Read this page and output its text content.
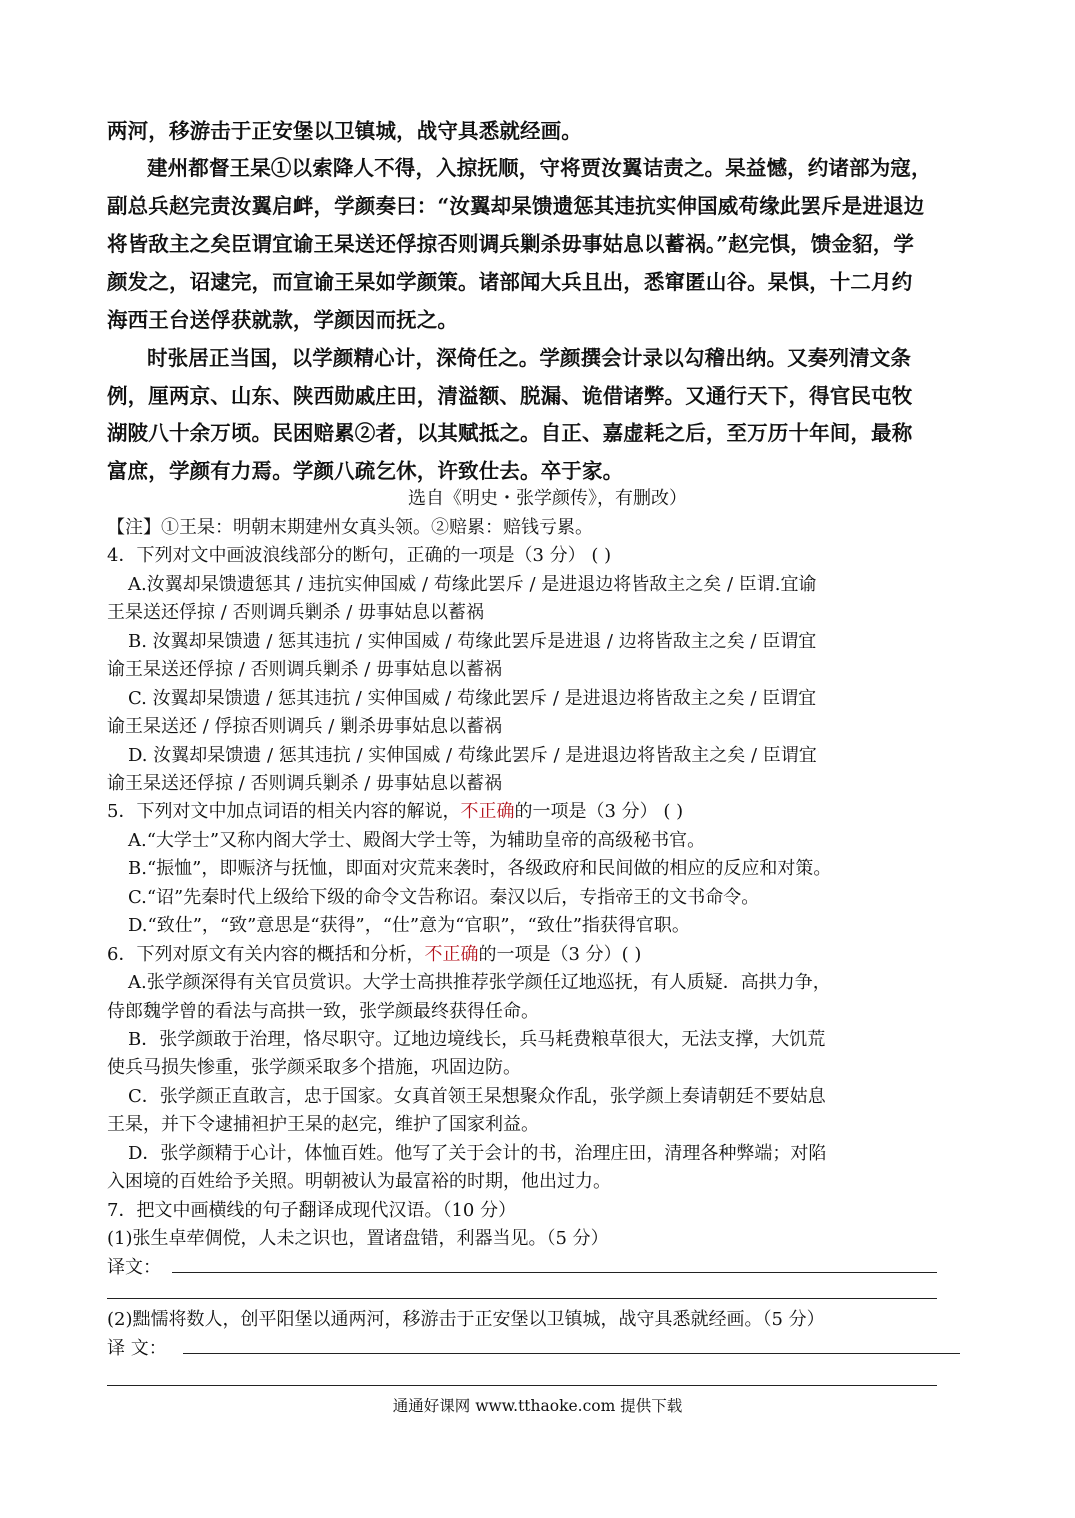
两河，移游击于正安堡以卫镇城，战守具悉就经画。
建州都督王杲①以索降人不得，入掠抚顺，守将贾汝翼诘责之。杲益憾，约诸部为寇，
副总兵赵完责汝翼启衅，学颜奏曰：“汝翼却杲馈遗惩其违抗实伸国威苟缘此罢斥是进退边
将皆敌主之矣臣谓宜谕王杲送还俘掠否则调兵剿杀毋事姑息以蓄祸。”赵完惧，馈金貂，学
颜发之，诏逮完，而宣谕王杲如学颜策。诸部闻大兵且出，悉窜匿山谷。杲惧，十二月约
海西王台送俘获就款，学颜因而抚之。
时张居正当国，以学颜精心计，深倚任之。学颜撰会计录以勾稽出纳。又奏列清文条
例，厘两京、山东、陕西勋戚庄田，清溢额、脱漏、诡借诸弊。又通行天下，得官民屯牧
湖陂八十余万顷。民困赔累②者，以其赋抵之。自正、嘉虚耗之后，至万历十年间，最称
富庶，学颜有力焉。学颜八疏乞休，许致仕去。卒于家。
选自《明史・张学颜传》，有删改）
【注】①王杲：明朝末期建州女真头领。②赔累：赔钱亏累。
4．下列对文中画波浪线部分的断句，正确的一项是（3 分） ( )
A.汝翼却杲馈遗惩其 / 违抗实伸国威 / 苟缘此罢斥 / 是进退边将皆敌主之矣 / 臣谓.宜谕
王杲送还俘掠 / 否则调兵剿杀 / 毋事姑息以蓄祸
B. 汝翼却杲馈遗 / 惩其违抗 / 实伸国威 / 苟缘此罢斥是进退 / 边将皆敌主之矣 / 臣谓宜
谕王杲送还俘掠 / 否则调兵剿杀 / 毋事姑息以蓄祸
C. 汝翼却杲馈遗 / 惩其违抗 / 实伸国威 / 苟缘此罢斥 / 是进退边将皆敌主之矣 / 臣谓宜
谕王杲送还 / 俘掠否则调兵 / 剿杀毋事姑息以蓄祸
D. 汝翼却杲馈遗 / 惩其违抗 / 实伸国威 / 苟缘此罢斥 / 是进退边将皆敌主之矣 / 臣谓宜
谕王杲送还俘掠 / 否则调兵剿杀 / 毋事姑息以蓄祸
5．下列对文中加点词语的相关内容的解说，不正确的一项是（3 分） ( )
A.“大学士”又称内阁大学士、殿阁大学士等，为辅助皇帝的高级秘书官。
B.“振恤”，即赈济与抚恤，即面对灾荒来袭时，各级政府和民间做的相应的反应和对策。
C.“诏”先秦时代上级给下级的命令文告称诏。秦汉以后，专指帝王的文书命令。
D.“致仕”，“致”意思是“获得”，“仕”意为“官职”，“致仕”指获得官职。
6．下列对原文有关内容的概括和分析，不正确的一项是（3 分）( )
A.张学颜深得有关官员赏识。大学士高拱推荐张学颜任辽地巡抚，有人质疑．高拱力争，
侍郎魏学曾的看法与高拱一致，张学颜最终获得任命。
B．张学颜敢于治理，恪尽职守。辽地边境线长，兵马耗费粮草很大，无法支撑，大饥荒
使兵马损失惨重，张学颜采取多个措施，巩固边防。
C．张学颜正直敢言，忠于国家。女真首领王杲想聚众作乱，张学颜上奏请朝廷不要姑息
王杲，并下令逮捕袒护王杲的赵完，维护了国家利益。
D．张学颜精于心计，体恤百姓。他写了关于会计的书，治理庄田，清理各种弊端；对陷
入困境的百姓给予关照。明朝被认为最富裕的时期，他出过力。
7．把文中画横线的句子翻译成现代汉语。（10 分）
(1)张生卓荦倜傥，人未之识也，置诸盘错，利器当见。（5 分）
译文：
(2)黜懦将数人，创平阳堡以通两河，移游击于正安堡以卫镇城，战守具悉就经画。（5 分）
译 文：
通通好课网 www.tthaoke.com 提供下载
